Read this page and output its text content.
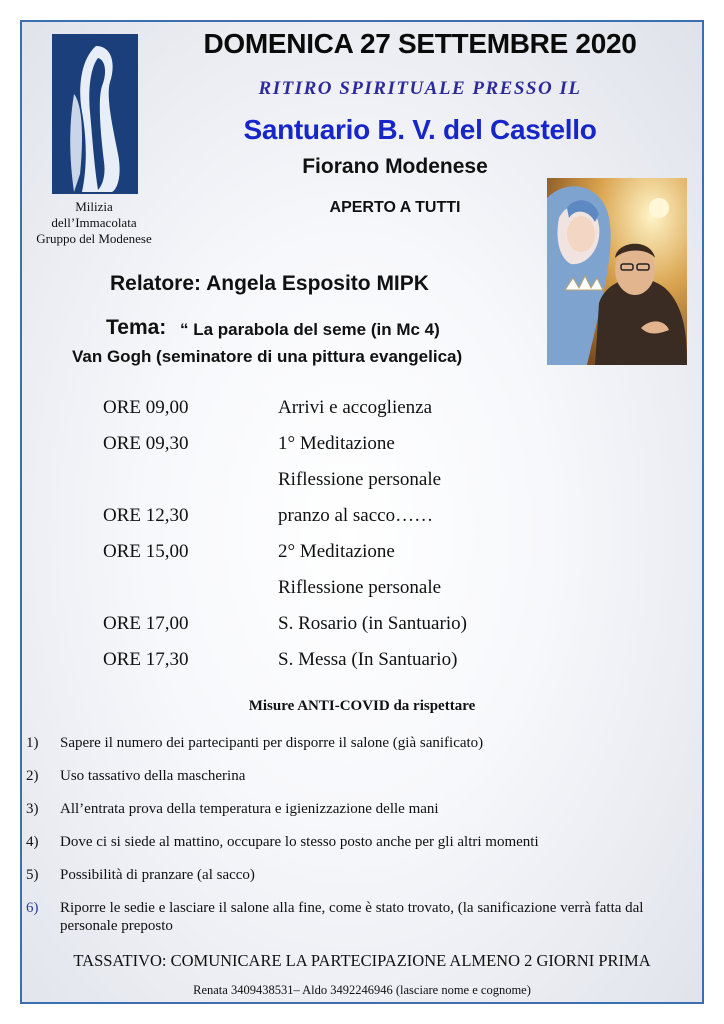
Milizia
dell’Immacolata
Gruppo del Modenese
DOMENICA 27 SETTEMBRE 2020
RITIRO SPIRITUALE PRESSO IL
Santuario B. V. del Castello
Fiorano Modenese
APERTO A TUTTI
Relatore: Angela Esposito MIPK
Tema: “ La parabola del seme (in Mc 4)
Van Gogh (seminatore di una pittura evangelica)
ORE 09,00	Arrivi e accoglienza
ORE 09,30	1° Meditazione
Riflessione personale
ORE 12,30	pranzo al sacco……
ORE 15,00	2° Meditazione
Riflessione personale
ORE 17,00	S. Rosario (in Santuario)
ORE 17,30	S. Messa (In Santuario)
Misure ANTI-COVID da rispettare
1)	Sapere il numero dei partecipanti per disporre il salone (già sanificato)
2)	Uso tassativo della mascherina
3)	All’entrata prova della temperatura e igienizzazione delle mani
4)	Dove ci si siede al mattino, occupare lo stesso posto anche per gli altri momenti
5)	Possibilità di pranzare (al sacco)
6)	Riporre le sedie e lasciare il salone alla fine, come è stato trovato, (la sanificazione verrà fatta dal personale preposto
TASSATIVO: COMUNICARE LA PARTECIPAZIONE ALMENO 2 GIORNI PRIMA
Renata 3409438531– Aldo 3492246946 (lasciare nome e cognome)
